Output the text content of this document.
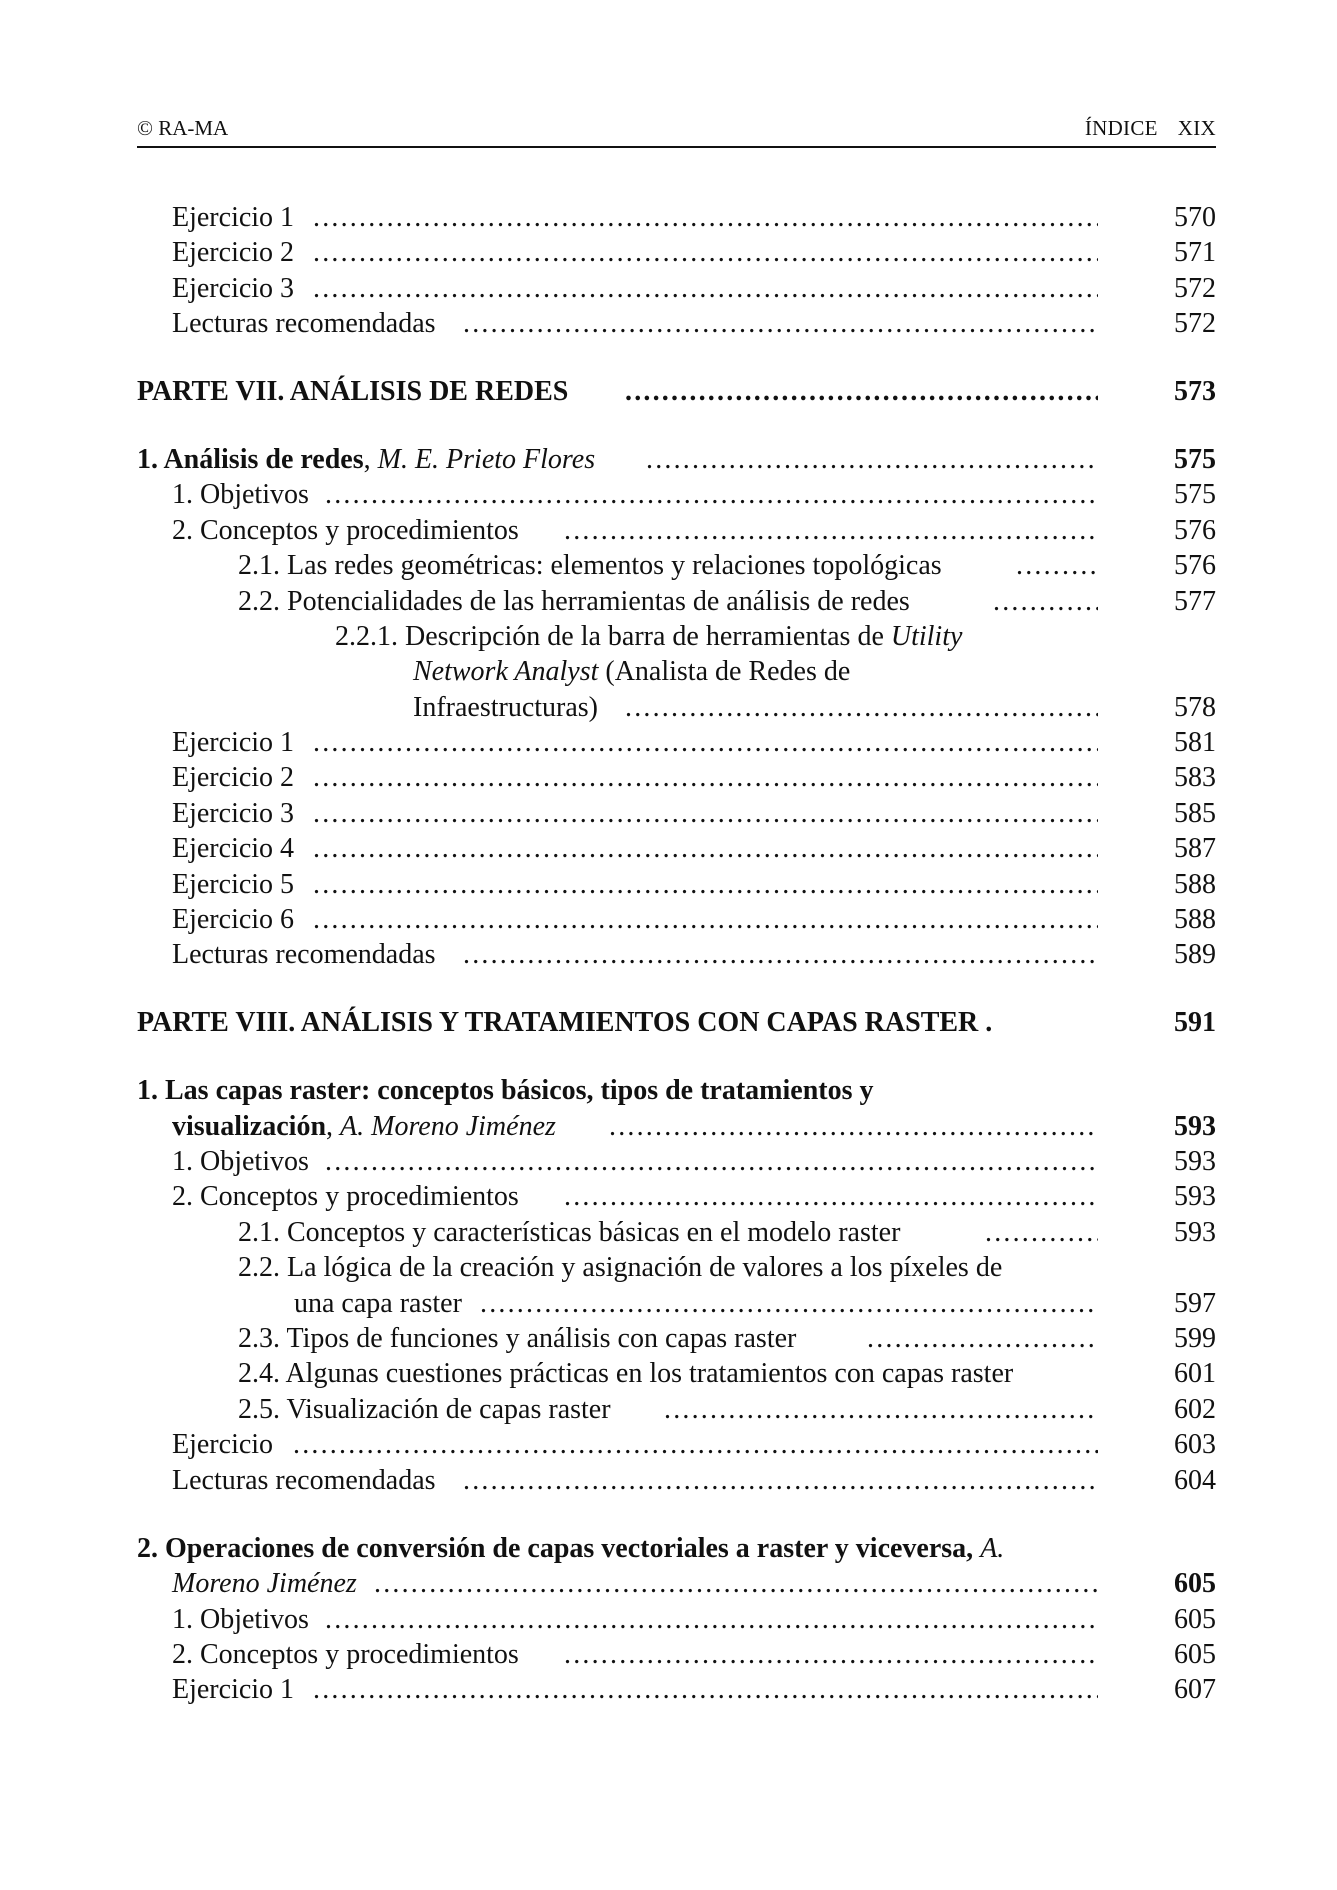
© RA-MA	ÍNDICE XIX
Ejercicio 1 . . .	570
Ejercicio 2 . . .	571
Ejercicio 3 . . .	572
Lecturas recomendadas . . .	572
PARTE VII. ANÁLISIS DE REDES . . .	573
1. Análisis de redes, M. E. Prieto Flores . . .	575
1. Objetivos . . .	575
2. Conceptos y procedimientos . . .	576
2.1. Las redes geométricas: elementos y relaciones topológicas . . .	576
2.2. Potencialidades de las herramientas de análisis de redes . . .	577
2.2.1. Descripción de la barra de herramientas de Utility
Network Analyst (Analista de Redes de
Infraestructuras) . . .	578
Ejercicio 1 . . .	581
Ejercicio 2 . . .	583
Ejercicio 3 . . .	585
Ejercicio 4 . . .	587
Ejercicio 5 . . .	588
Ejercicio 6 . . .	588
Lecturas recomendadas . . .	589
PARTE VIII. ANÁLISIS Y TRATAMIENTOS CON CAPAS RASTER .	591
1. Las capas raster: conceptos básicos, tipos de tratamientos y
visualización, A. Moreno Jiménez . . .	593
1. Objetivos . . .	593
2. Conceptos y procedimientos . . .	593
2.1. Conceptos y características básicas en el modelo raster . . .	593
2.2. La lógica de la creación y asignación de valores a los píxeles de
una capa raster . . .	597
2.3. Tipos de funciones y análisis con capas raster . . .	599
2.4. Algunas cuestiones prácticas en los tratamientos con capas raster	601
2.5. Visualización de capas raster . . .	602
Ejercicio . . .	603
Lecturas recomendadas . . .	604
2. Operaciones de conversión de capas vectoriales a raster y viceversa, A.
Moreno Jiménez . . .	605
1. Objetivos . . .	605
2. Conceptos y procedimientos . . .	605
Ejercicio 1 . . .	607
